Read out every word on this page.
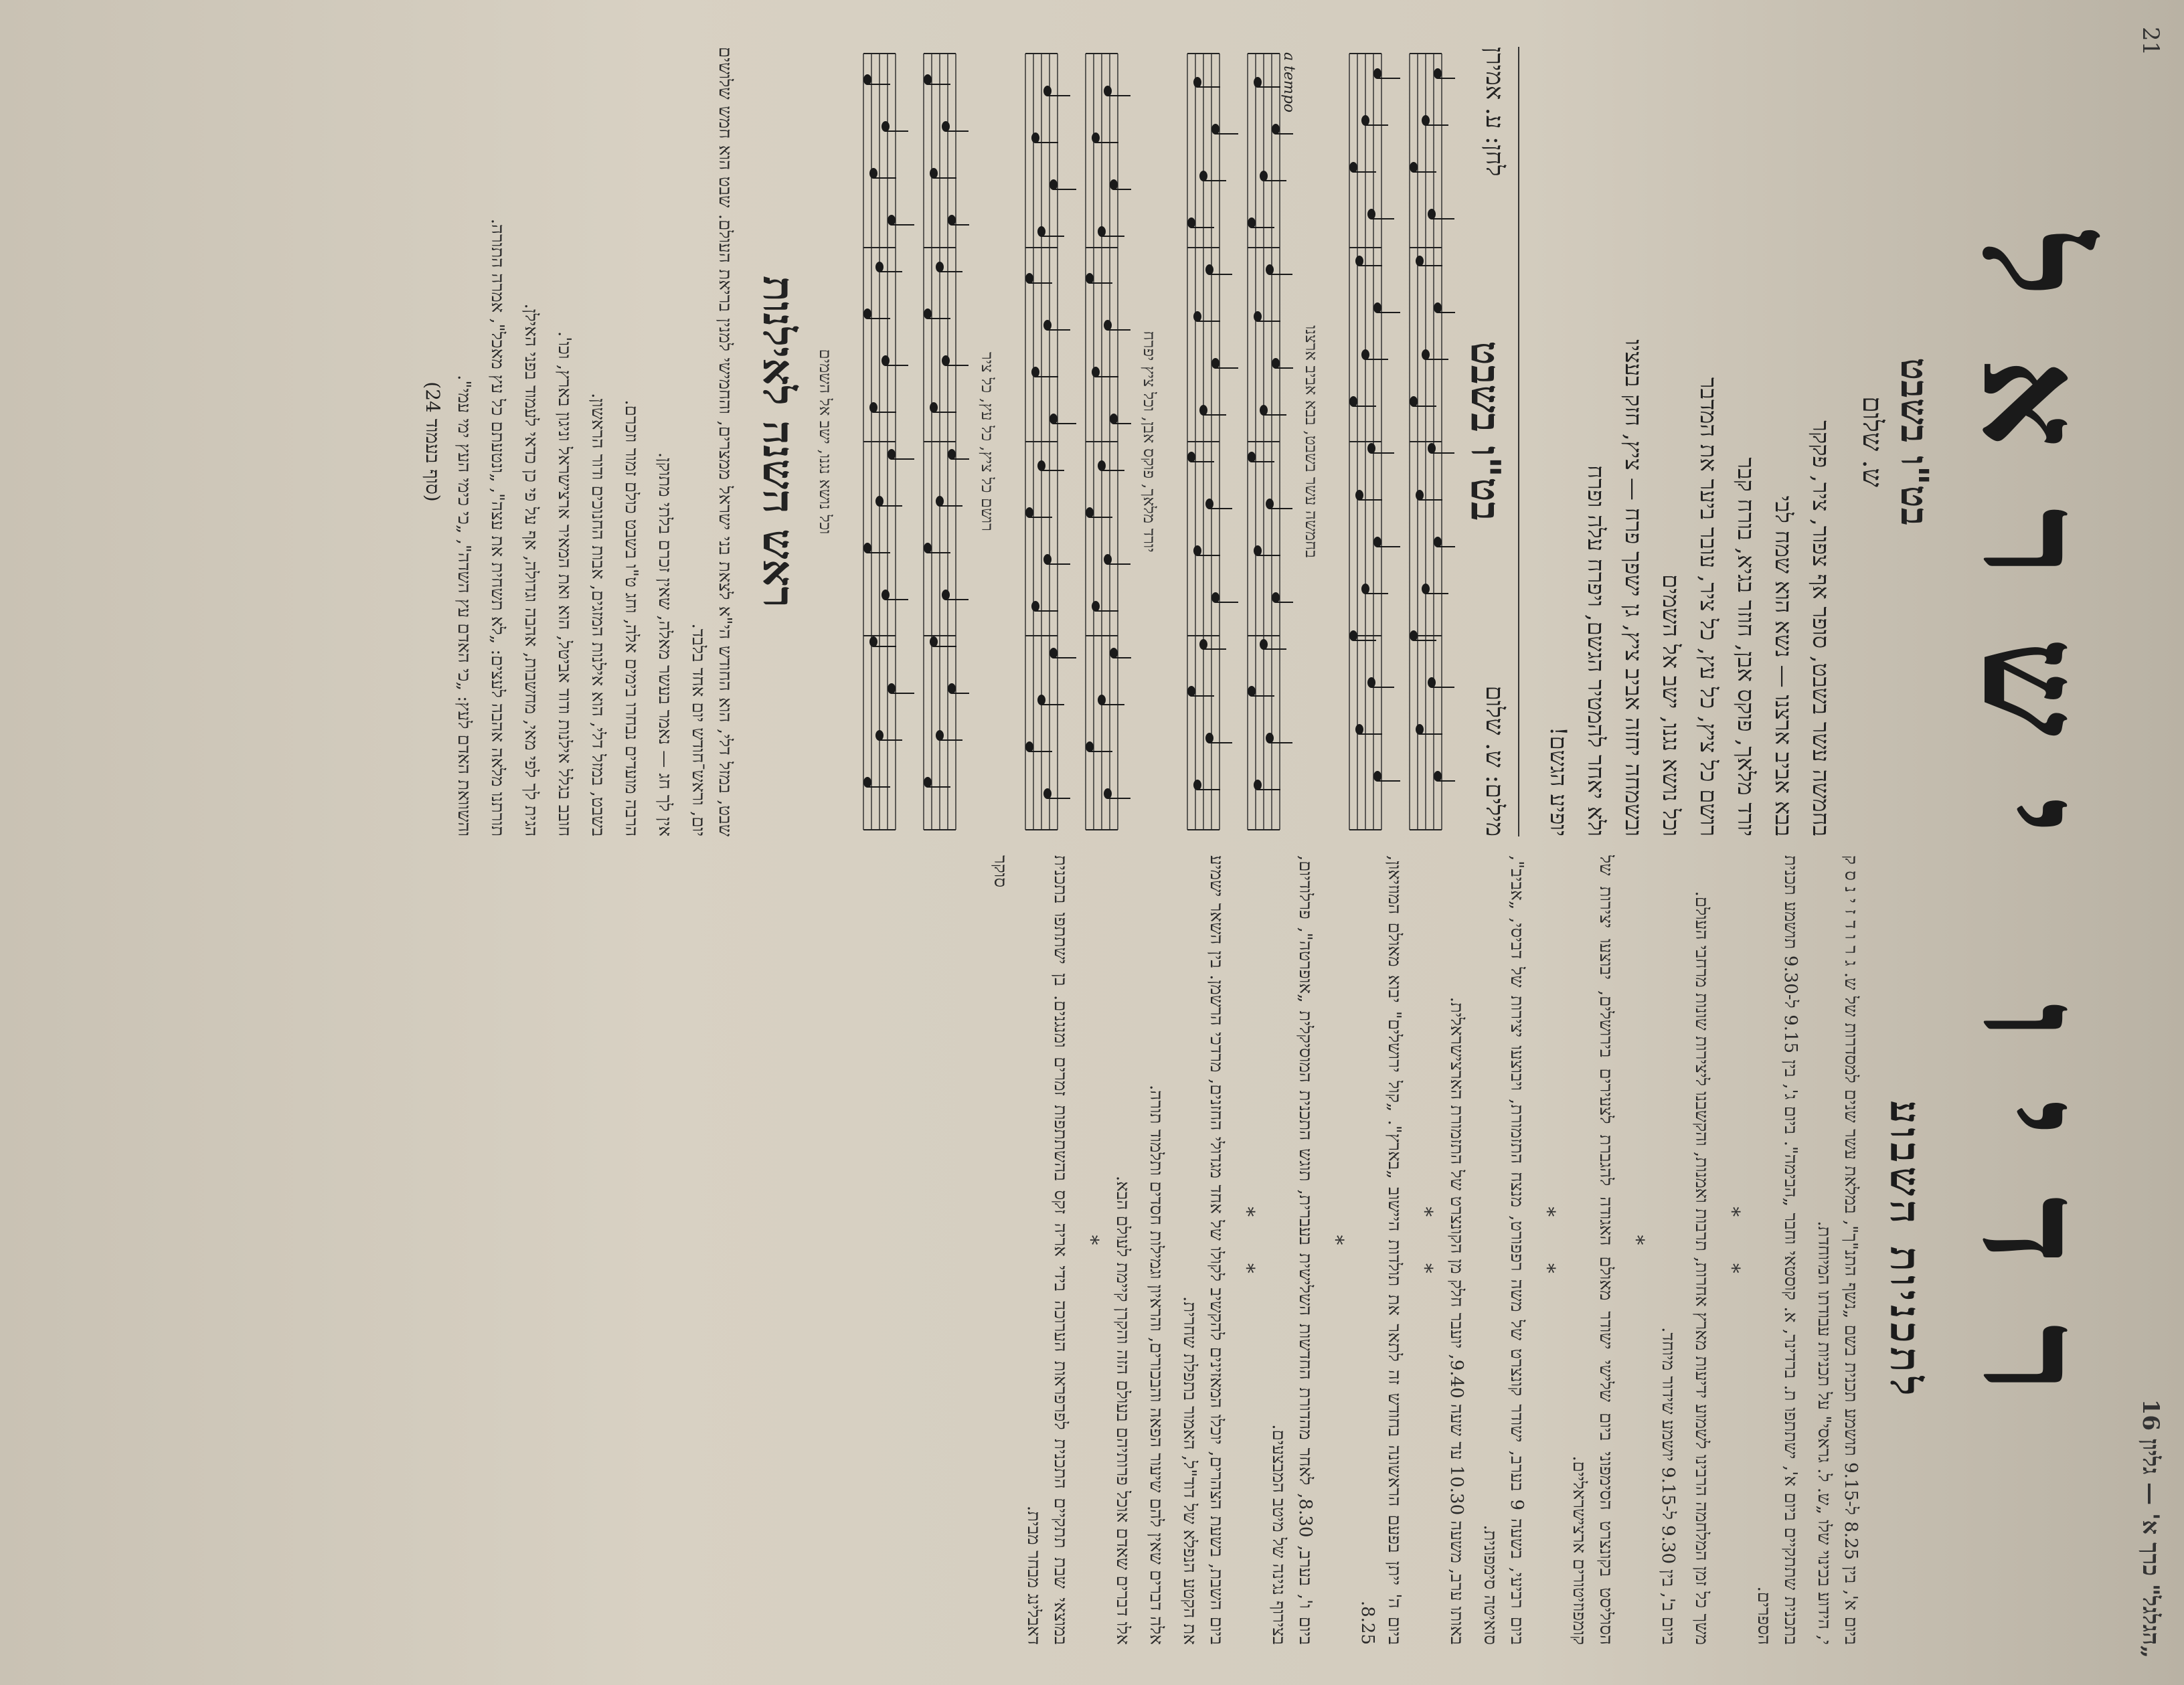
„הגלגל" כרך א' — גליון 16
21
רדיו ישראל
לתכניות השבוע

ביום א', בין 8.25 ל-9.15 תושמע תכנית בשם „נשף התנ"ך", במלאת עשר שנים למסדרות של ש. ג ר ו ד ז י נ ס ק י, הידוע בכינוי שלו „ש. ל. גראסי" על תכניות עבודתו המיוחדת.

בתכנית שתתקיים ביום א', ישתתפו ת. ברדינר, א. קוסטאי וחבר „הבימה". ביום ג', בין 9.15 ל-9.30 תושמע תכנית הספרים.

* *

משך כל זמן המלחמה הרבינו לשמוע ידיעות מארץ אחרות, תרבות ואמנות, והקשבנו ליצירות שונות מרחבי העולם.

ביום ב', בין 9.30 ל-9.15 יושמע שידור מיוחד.

*

הסוליסט בקונצרט הסימפוני ביום שלישי ישודר מאולם האגודה להגברת לצעירים בירושלים, יבוצעו יצירות של קומפוזיטורים ארצישראליים.

* *

ביום רביעי, בשעה 9 בערב, ישודר קונצרט של משה רפפורט, מנצח התזמורת, ויבוצעו יצירות של דביסי, „אביב", סואיטה סימפונית.

באותו ערב, משעה 10.30 עד שעה 9.40, יועבר חלק מן הקונצרט של התזמורת הארצישראלית.

* *

ביום ה' ייתן בפעם הראשונה בחודש זה לתאר את תולדות היישוב „בארץ". „קול ירושלים" יבוא מאולם המוזיאון, 8.25.

*

ביום ו', בערב, 8.30, לאחר מהדורת החדשות השלישית בעברית, תוגש התכנית המוסיקלית „אופרטה", פרלודיום, בצירוף נגינה של מיטב המבצעים.

* *

ביום השבת, בשעת הצהרים, יוכלו המאזינים להקשיב לקולו של אחד מגדולי החזנים, מרדכי הרשמן. בין השאר ישמיע את הקטע הנפלא של דוד"ל, האמור בתפלת שחרית.

אלה דברים שאין להם שיעור הפאה והבכורים, והראיון וגמילות חסדים ותלמוד תורה.

אלו דברים שאדם אוכל פרותיהם בעולם הזה והקרן קיימת לעולם הבא.

*

במוצאי שבת תתקיים התכנית לפרפראות הערוכה בידי אריה זקס בהשתתפות זמרים ומנגנים. בן ישתתפו בתכנית דאבלינג מבחר מבית.

סוקר

בט"ו בשבט
ש. שלום
בחמשה עשר בשבט, סופר אף צפור, ציר, פקקר
בבא אביב ארצנו — נשא הוא שמח לבי
יורד מלאך, פוקס אבן, חוזר בגיא, בורח קבר
רושם כל ציץ, כל עץ, כל ציר, עובר ביער את המדבר
וכל נושא נגנו, ישב אל השמים
ובשמחה יחזה אביב ציץ, גן ישפך פרח — ציץ, חזק בעציו
ולא יאחר להמטיר הגשם, ויפרח עלה ופרח
יופיע הגשם!
מילים: ש. שלום
בט"ו בשבט
לחן: ע. אמירן
בחמשה עשר בשבט, בבא אביב ארצנו
יורד מלאך, פוקס אבן, וכל ציץ יפרח
a tempo
רושם כל ציץ, כל עץ, כל ציר
וכל נושא נגנו, ישב אל השמים
ראש השנה לאילנות

שבט, במזל דלי, הוא החודש הי"א לצאת בני ישראל ממצרים, והחמישי למנין בריאת העולם. שבט הוא חמש שלושים יום, וראש־חודש יום אחד בלבד.

אין לך חג — נאמר בעשר מאלה, שאין זכרם בלתי מתוקן.

הרבה מועדים נבחרו בימים אלה, וחג ט"ו בשבט כולם זמור וזכרם.

בשבט, במזל דלי, הוא אילנות המזגים, אבות החנוכים ודור הראשון.

חובב בגלל אילנות ודוד אביטל, הוא ואת המאיר ארצישראל וניגון בארץ, וכו'.

הגית לך לפי מאי, מחשבות, אהבה וגדולה, אף על פי כן כדאי לעמוד בפני האילן.

תורתנו מלאה אהבה לעצים: „לא תשחית את עצה", „ונטעתם כל עץ מאכל", אמרה התורה.

והשוואת האדם לעץ: „כי האדם עץ השדה", „כי כימי העץ ימי עמי".

(סוף בעמוד 24)
